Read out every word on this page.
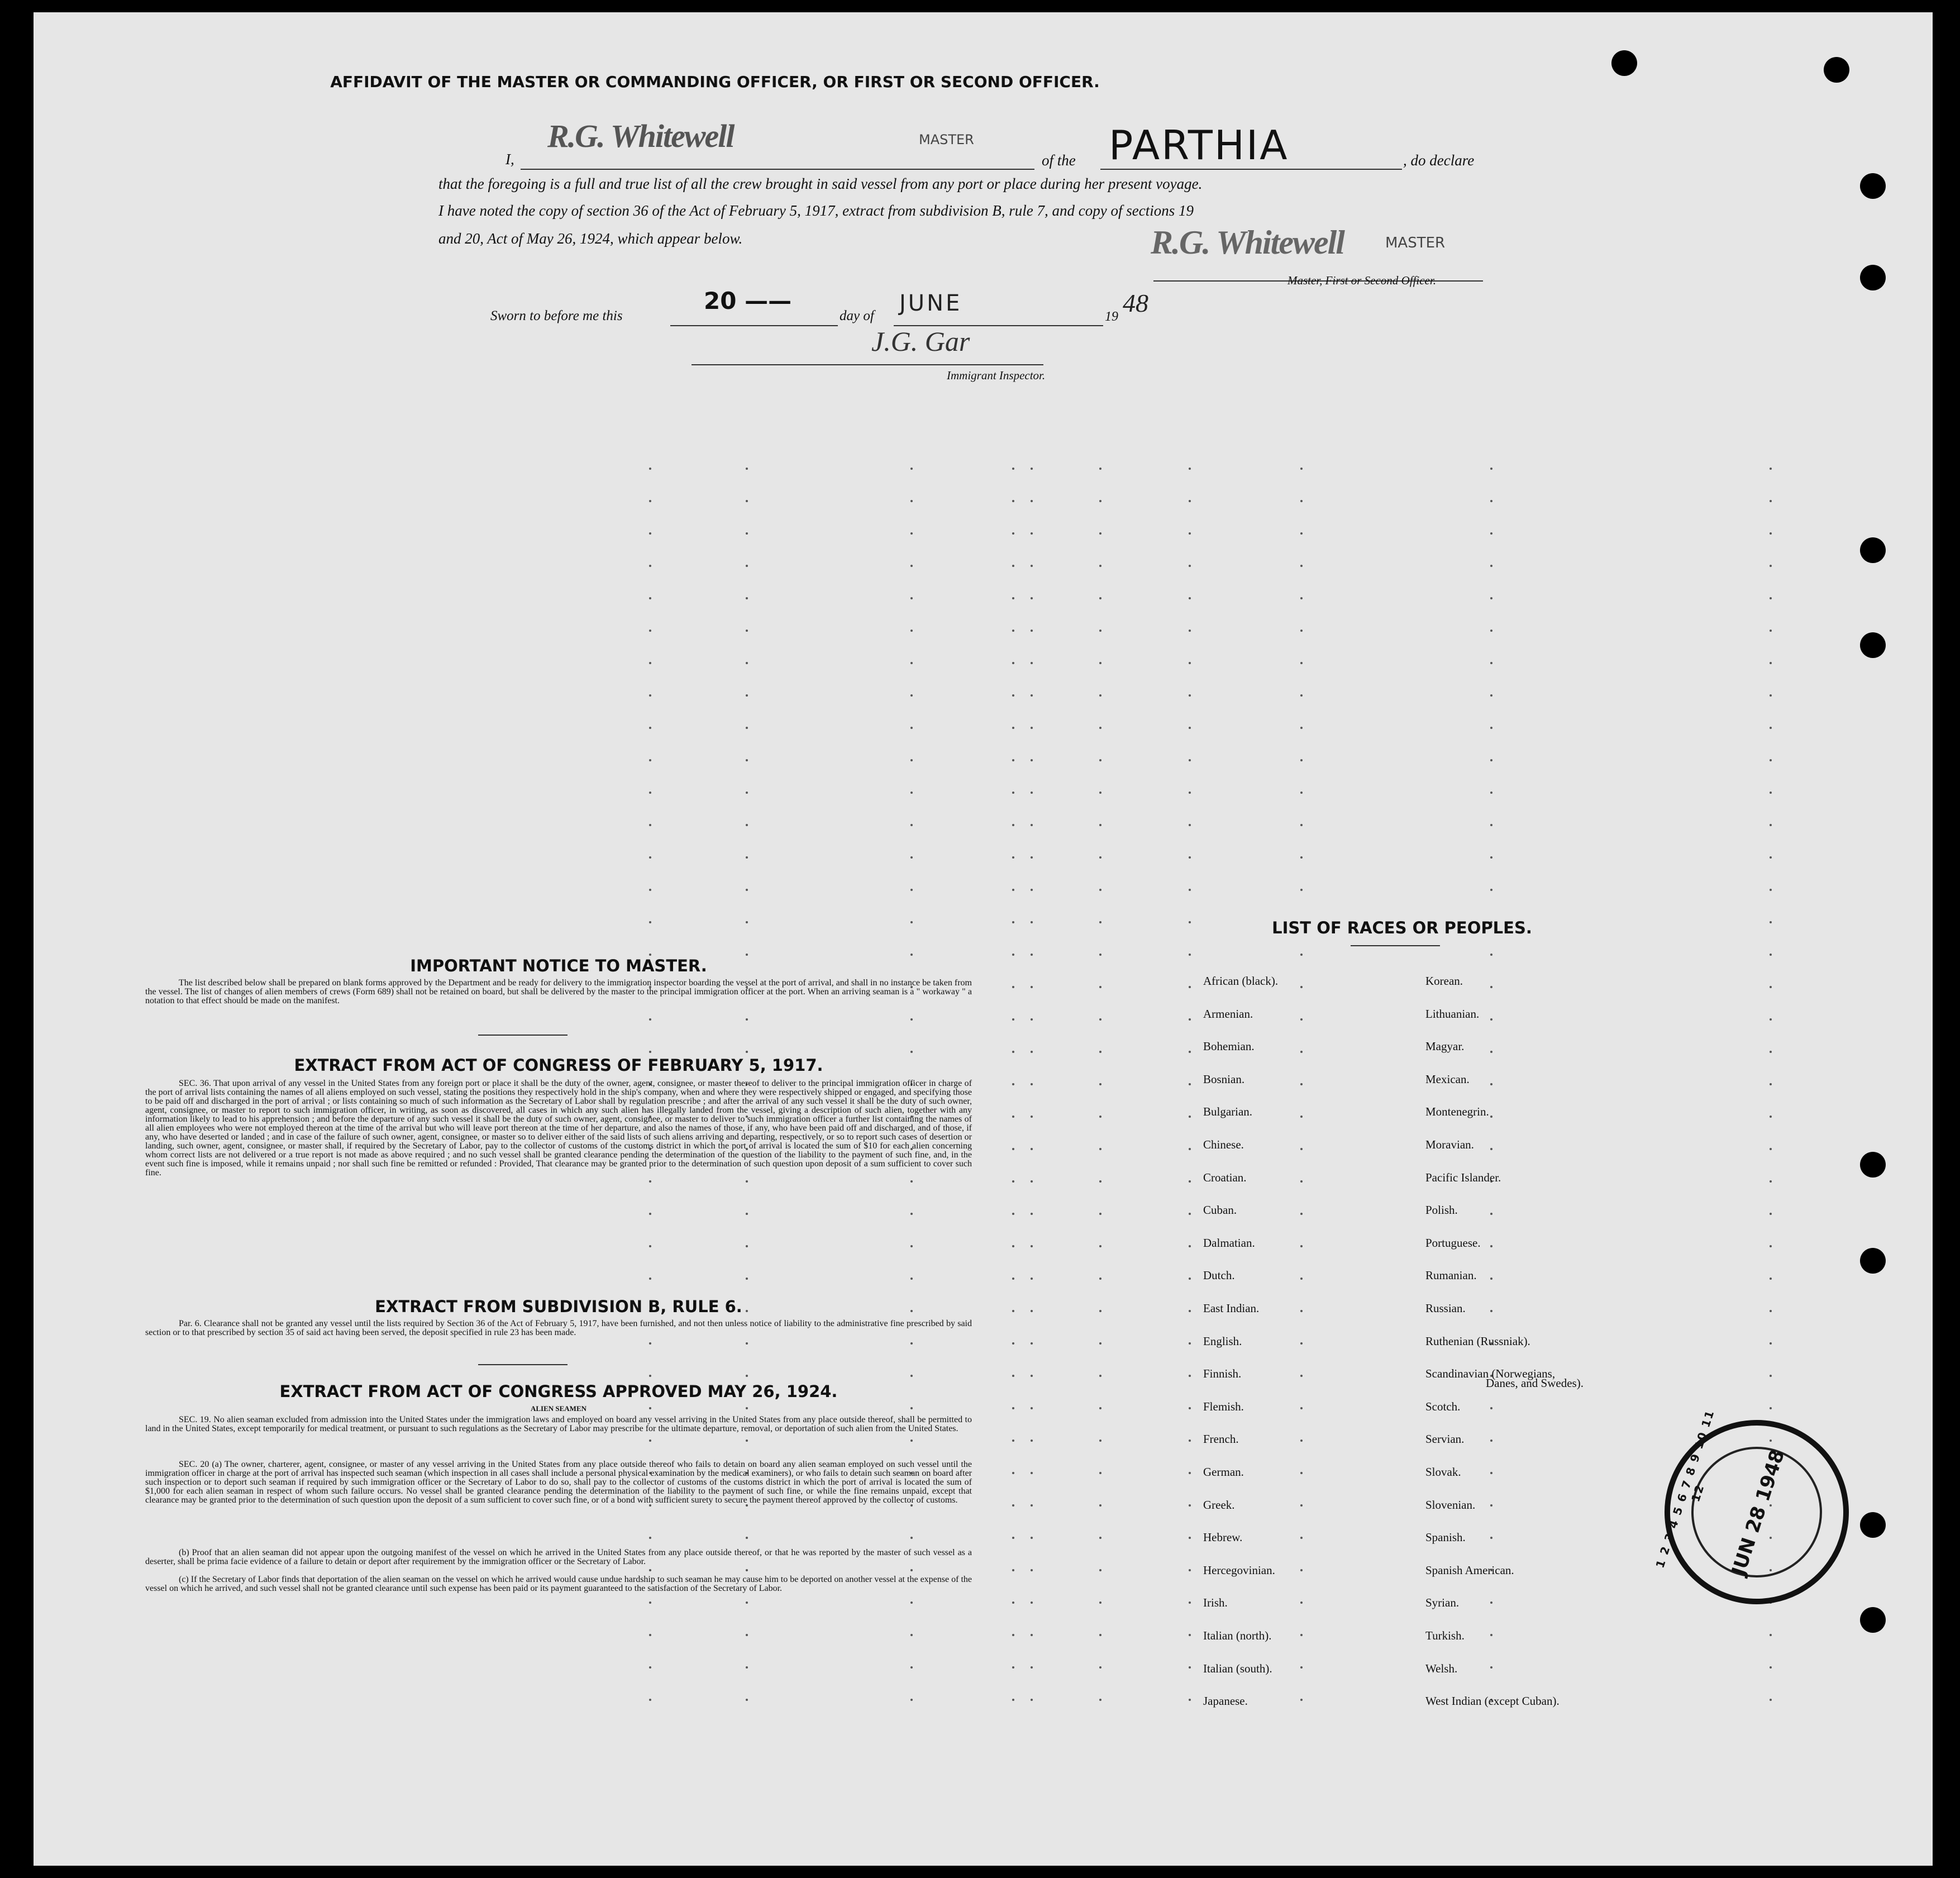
AFFIDAVIT OF THE MASTER OR COMMANDING OFFICER, OR FIRST OR SECOND OFFICER.
I,
R.G. Whitewell	MASTER
of the PARTHIA	, do declare
that the foregoing is a full and true list of all the crew brought in said vessel from any port or place during her present voyage.
I have noted the copy of section 36 of the Act of February 5, 1917, extract from subdivision B, rule 7, and copy of sections 19
and 20, Act of May 26, 1924, which appear below.	R.G. Whitewell	MASTER
Master, First or Second Officer.
Sworn to before me this
20 ——
day of JUNE
19 48
J.G. Gar
Immigrant Inspector.
IMPORTANT NOTICE TO MASTER.
The list described below shall be prepared on blank forms approved by the Department and be ready for delivery to the immigration inspector boarding the vessel at the port of arrival, and shall in no instance be taken from the vessel. The list of changes of alien members of crews (Form 689) shall not be retained on board, but shall be delivered by the master to the principal immigration officer at the port. When an arriving seaman is a " workaway " a notation to that effect should be made on the manifest.
EXTRACT FROM ACT OF CONGRESS OF FEBRUARY 5, 1917.
SEC. 36. That upon arrival of any vessel in the United States from any foreign port or place it shall be the duty of the owner, agent, consignee, or master thereof to deliver to the principal immigration officer in charge of the port of arrival lists containing the names of all aliens employed on such vessel, stating the positions they respectively hold in the ship's company, when and where they were respectively shipped or engaged, and specifying those to be paid off and discharged in the port of arrival ; or lists containing so much of such information as the Secretary of Labor shall by regulation prescribe ; and after the arrival of any such vessel it shall be the duty of such owner, agent, consignee, or master to report to such immigration officer, in writing, as soon as discovered, all cases in which any such alien has illegally landed from the vessel, giving a description of such alien, together with any information likely to lead to his apprehension ; and before the departure of any such vessel it shall be the duty of such owner, agent, consignee, or master to deliver to such immigration officer a further list containing the names of all alien employees who were not employed thereon at the time of the arrival but who will leave port thereon at the time of her departure, and also the names of those, if any, who have been paid off and discharged, and of those, if any, who have deserted or landed ; and in case of the failure of such owner, agent, consignee, or master so to deliver either of the said lists of such aliens arriving and departing, respectively, or so to report such cases of desertion or landing, such owner, agent, consignee, or master shall, if required by the Secretary of Labor, pay to the collector of customs of the customs district in which the port of arrival is located the sum of $10 for each alien concerning whom correct lists are not delivered or a true report is not made as above required ; and no such vessel shall be granted clearance pending the determination of the question of the liability to the payment of such fine, and, in the event such fine is imposed, while it remains unpaid ; nor shall such fine be remitted or refunded : Provided, That clearance may be granted prior to the determination of such question upon deposit of a sum sufficient to cover such fine.
EXTRACT FROM SUBDIVISION B, RULE 6.
Par. 6. Clearance shall not be granted any vessel until the lists required by Section 36 of the Act of February 5, 1917, have been furnished, and not then unless notice of liability to the administrative fine prescribed by said section or to that prescribed by section 35 of said act having been served, the deposit specified in rule 23 has been made.
EXTRACT FROM ACT OF CONGRESS APPROVED MAY 26, 1924.
ALIEN SEAMEN
SEC. 19. No alien seaman excluded from admission into the United States under the immigration laws and employed on board any vessel arriving in the United States from any place outside thereof, shall be permitted to land in the United States, except temporarily for medical treatment, or pursuant to such regulations as the Secretary of Labor may prescribe for the ultimate departure, removal, or deportation of such alien from the United States.
SEC. 20 (a) The owner, charterer, agent, consignee, or master of any vessel arriving in the United States from any place outside thereof who fails to detain on board any alien seaman employed on such vessel until the immigration officer in charge at the port of arrival has inspected such seaman (which inspection in all cases shall include a personal physical examination by the medical examiners), or who fails to detain such seaman on board after such inspection or to deport such seaman if required by such immigration officer or the Secretary of Labor to do so, shall pay to the collector of customs of the customs district in which the port of arrival is located the sum of $1,000 for each alien seaman in respect of whom such failure occurs. No vessel shall be granted clearance pending the determination of the liability to the payment of such fine, or while the fine remains unpaid, except that clearance may be granted prior to the determination of such question upon the deposit of a sum sufficient to cover such fine, or of a bond with sufficient surety to secure the payment thereof approved by the collector of customs.
(b) Proof that an alien seaman did not appear upon the outgoing manifest of the vessel on which he arrived in the United States from any place outside thereof, or that he was reported by the master of such vessel as a deserter, shall be prima facie evidence of a failure to detain or deport after requirement by the immigration officer or the Secretary of Labor.
(c) If the Secretary of Labor finds that deportation of the alien seaman on the vessel on which he arrived would cause undue hardship to such seaman he may cause him to be deported on another vessel at the expense of the vessel on which he arrived, and such vessel shall not be granted clearance until such expense has been paid or its payment guaranteed to the satisfaction of the Secretary of Labor.
LIST OF RACES OR PEOPLES.
African (black).
Armenian.
Bohemian.
Bosnian.
Bulgarian.
Chinese.
Croatian.
Cuban.
Dalmatian.
Dutch.
East Indian.
English.
Finnish.
Flemish.
French.
German.
Greek.
Hebrew.
Hercegovinian.
Irish.
Italian (north).
Italian (south).
Japanese.
Korean.
Lithuanian.
Magyar.
Mexican.
Montenegrin.
Moravian.
Pacific Islander.
Polish.
Portuguese.
Rumanian.
Russian.
Ruthenian (Russniak).
Scandinavian (Norwegians,
Scotch.
Servian.
Slovak.
Slovenian.
Spanish.
Spanish American.
Syrian.
Turkish.
Welsh.
West Indian (except Cuban).
Danes, and Swedes).
JUN 28 1948
1 2 3 4 5 6 7 8 9 10 11 12
